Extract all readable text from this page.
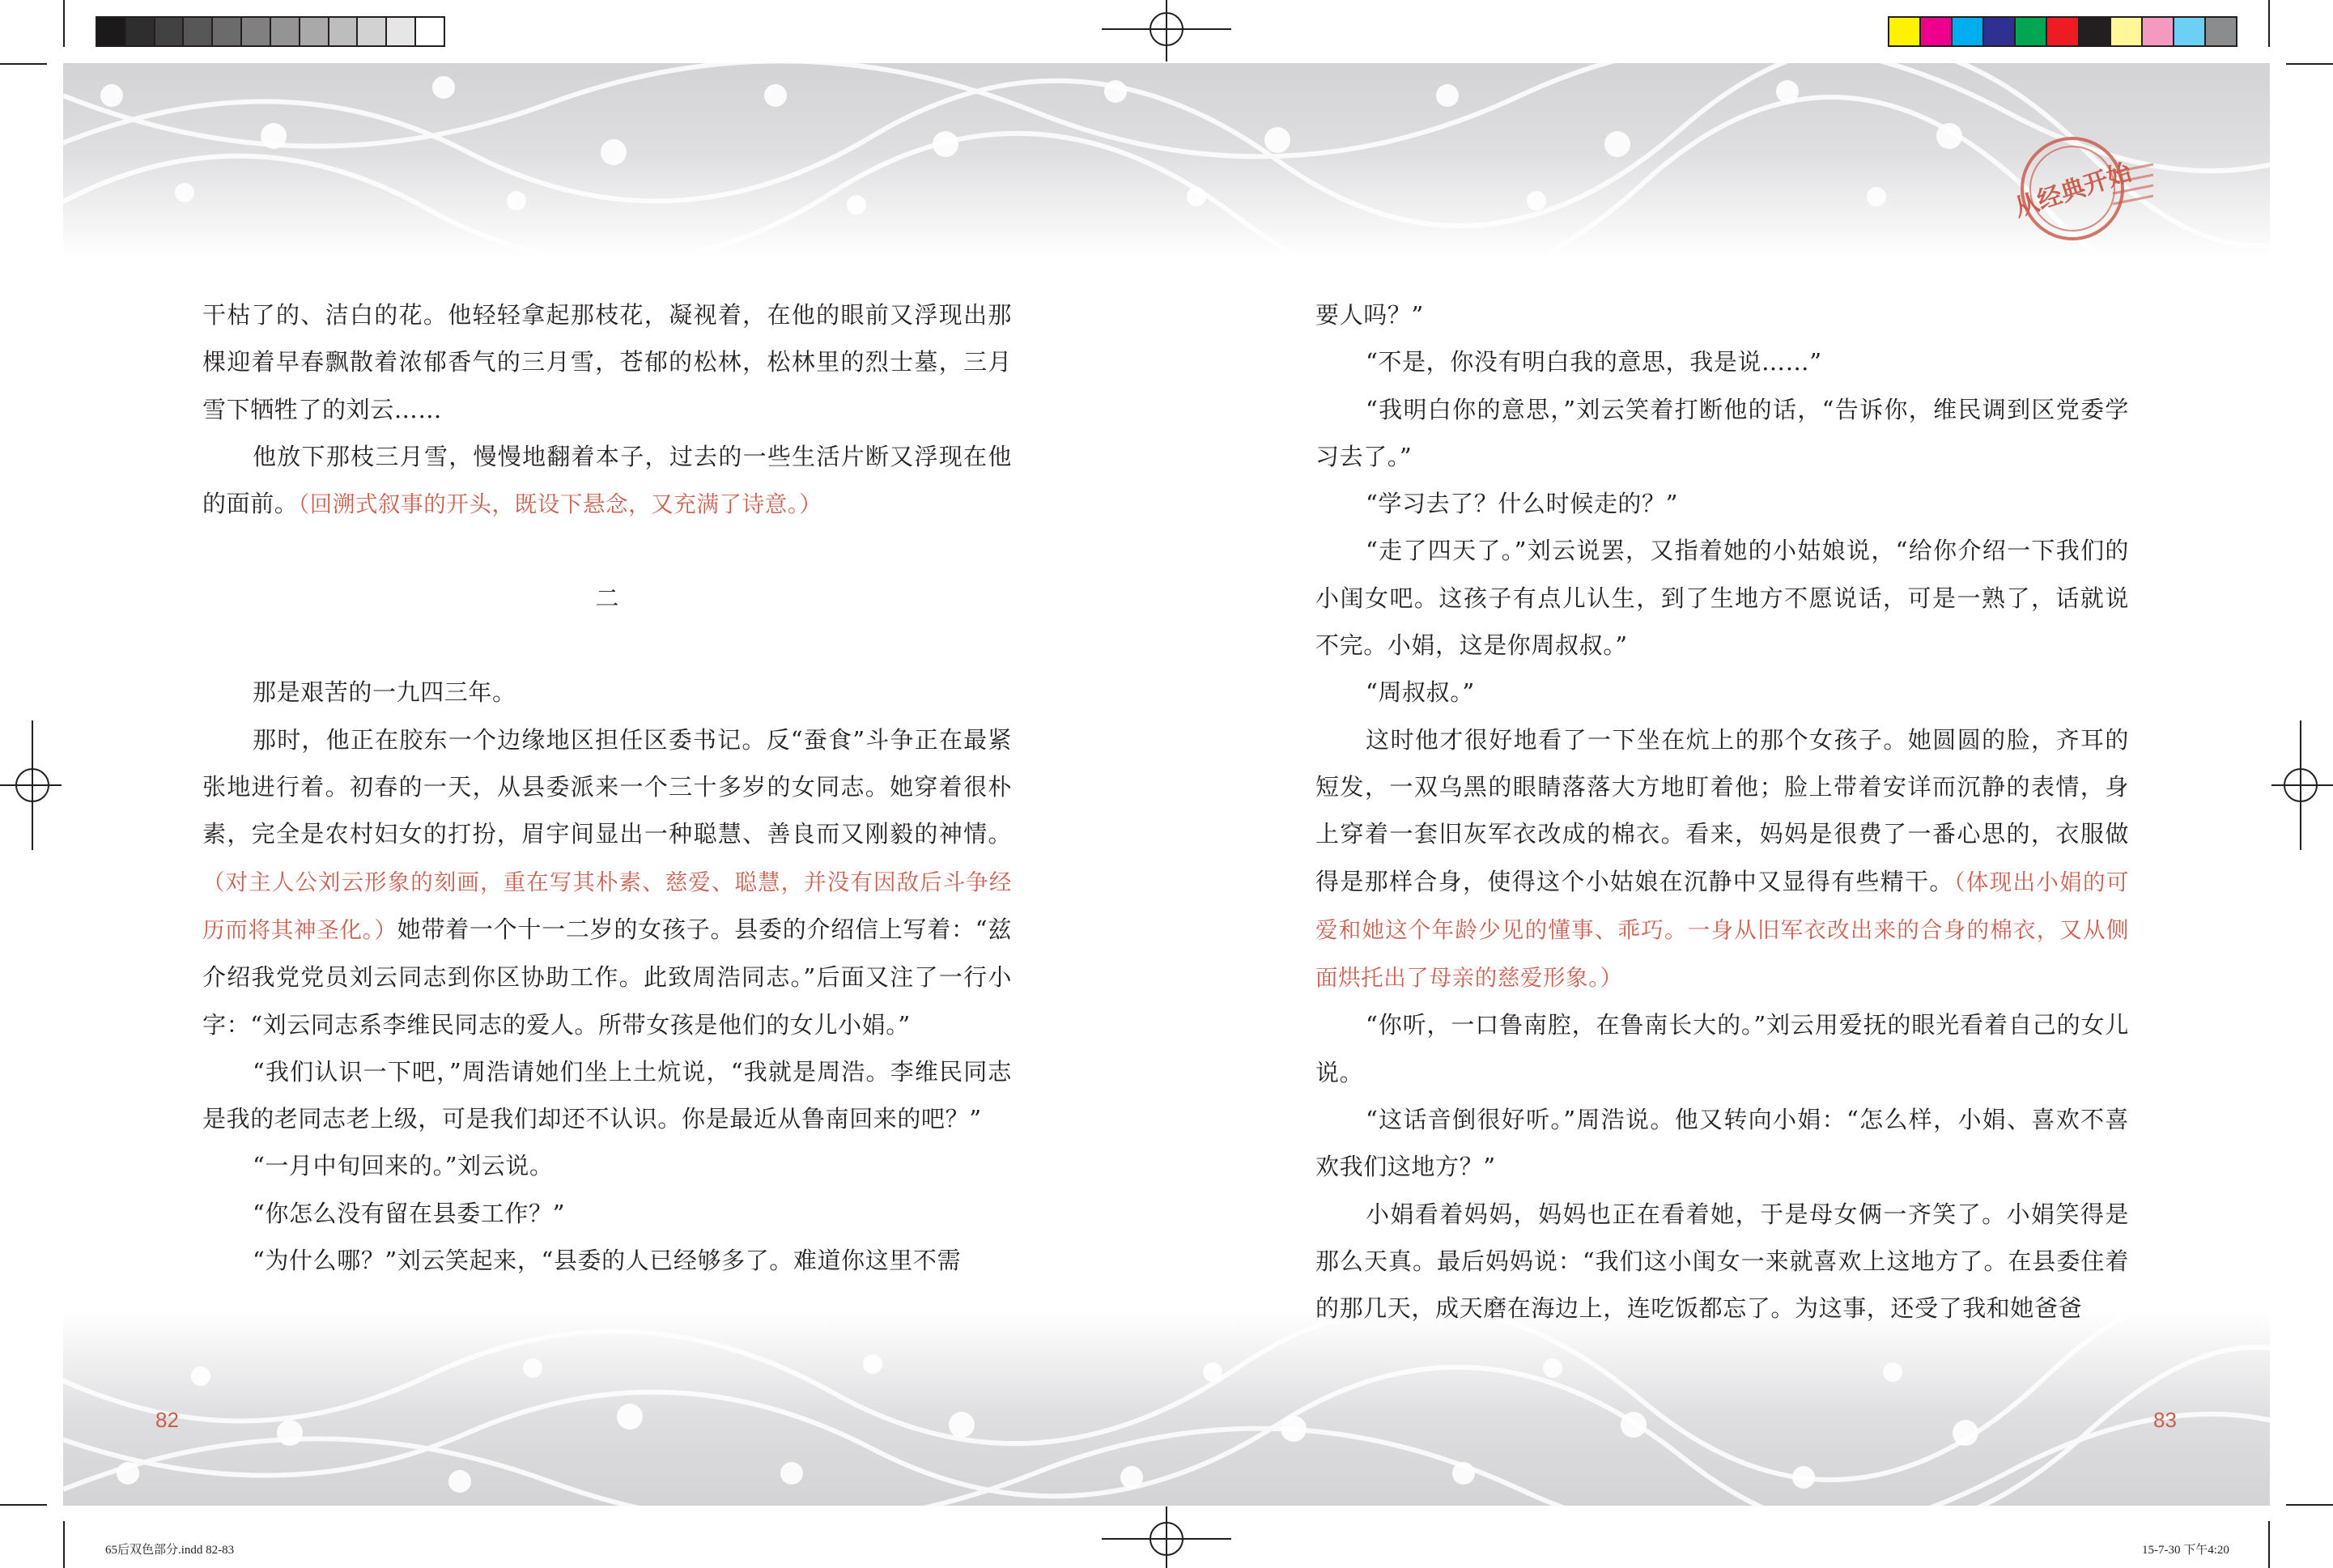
从经典开始

干枯了的、洁白的花。他轻轻拿起那枝花，凝视着，在他的眼前又浮现出那棵迎着早春飘散着浓郁香气的三月雪，苍郁的松林，松林里的烈士墓，三月雪下牺牲了的刘云……

他放下那枝三月雪，慢慢地翻着本子，过去的一些生活片断又浮现在他的面前。（回溯式叙事的开头，既设下悬念，又充满了诗意。）

二

那是艰苦的一九四三年。

那时，他正在胶东一个边缘地区担任区委书记。反“蚕食”斗争正在最紧张地进行着。初春的一天，从县委派来一个三十多岁的女同志。她穿着很朴素，完全是农村妇女的打扮，眉宇间显出一种聪慧、善良而又刚毅的神情。（对主人公刘云形象的刻画，重在写其朴素、慈爱、聪慧，并没有因敌后斗争经历而将其神圣化。）她带着一个十一二岁的女孩子。县委的介绍信上写着：“兹介绍我党党员刘云同志到你区协助工作。此致周浩同志。”后面又注了一行小字：“刘云同志系李维民同志的爱人。所带女孩是他们的女儿小娟。”

“我们认识一下吧，”周浩请她们坐上土炕说，“我就是周浩。李维民同志是我的老同志老上级，可是我们却还不认识。你是最近从鲁南回来的吧？”

“一月中旬回来的。”刘云说。

“你怎么没有留在县委工作？”

“为什么哪？”刘云笑起来，“县委的人已经够多了。难道你这里不需

要人吗？”

“不是，你没有明白我的意思，我是说……”

“我明白你的意思，”刘云笑着打断他的话，“告诉你，维民调到区党委学习去了。”

“学习去了？什么时候走的？”

“走了四天了。”刘云说罢，又指着她的小姑娘说，“给你介绍一下我们的小闺女吧。这孩子有点儿认生，到了生地方不愿说话，可是一熟了，话就说不完。小娟，这是你周叔叔。”

“周叔叔。”

这时他才很好地看了一下坐在炕上的那个女孩子。她圆圆的脸，齐耳的短发，一双乌黑的眼睛落落大方地盯着他；脸上带着安详而沉静的表情，身上穿着一套旧灰军衣改成的棉衣。看来，妈妈是很费了一番心思的，衣服做得是那样合身，使得这个小姑娘在沉静中又显得有些精干。（体现出小娟的可爱和她这个年龄少见的懂事、乖巧。一身从旧军衣改出来的合身的棉衣，又从侧面烘托出了母亲的慈爱形象。）

“你听，一口鲁南腔，在鲁南长大的。”刘云用爱抚的眼光看着自己的女儿说。

“这话音倒很好听。”周浩说。他又转向小娟：“怎么样，小娟、喜欢不喜欢我们这地方？”

小娟看着妈妈，妈妈也正在看着她，于是母女俩一齐笑了。小娟笑得是那么天真。最后妈妈说：“我们这小闺女一来就喜欢上这地方了。在县委住着的那几天，成天磨在海边上，连吃饭都忘了。为这事，还受了我和她爸爸

82	83
65后双色部分.indd 82-83	15-7-30 下午4:20
